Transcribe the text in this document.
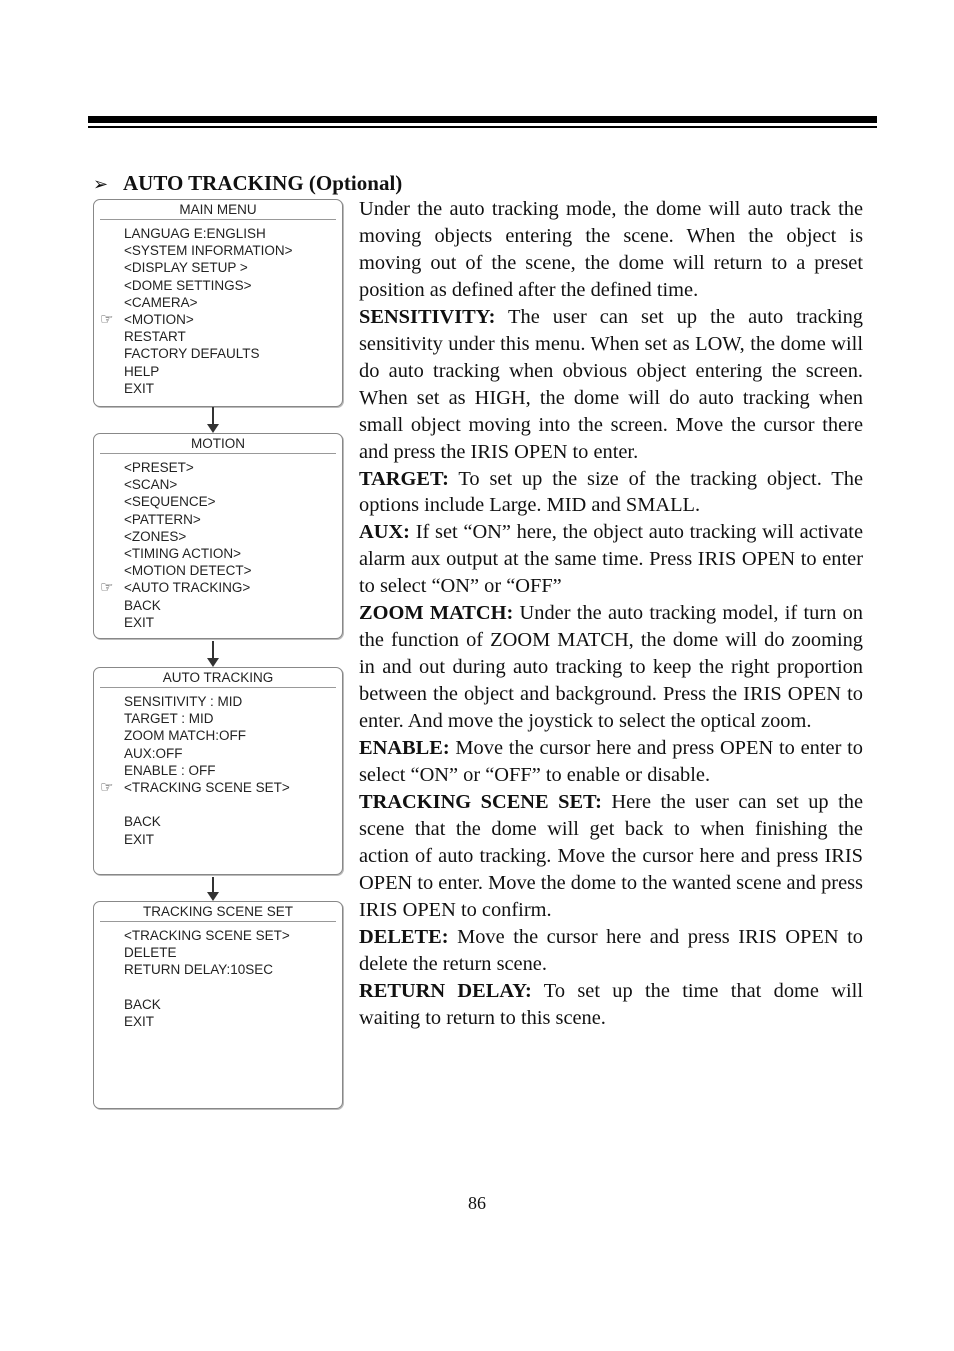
➢ AUTO TRACKING (Optional)
MAIN MENU
LANGUAG E:ENGLISH
<SYSTEM INFORMATION>
<DISPLAY SETUP >
<DOME SETTINGS>
<CAMERA>
☞ <MOTION>
RESTART
FACTORY DEFAULTS
HELP
EXIT
MOTION
<PRESET>
<SCAN>
<SEQUENCE>
<PATTERN>
<ZONES>
<TIMING ACTION>
<MOTION DETECT>
☞ <AUTO TRACKING>
BACK
EXIT
AUTO TRACKING
SENSITIVITY : MID
TARGET : MID
ZOOM MATCH:OFF
AUX:OFF
ENABLE : OFF
☞ <TRACKING SCENE SET>
BACK
EXIT
TRACKING SCENE SET
<TRACKING SCENE SET>
DELETE
RETURN DELAY:10SEC
BACK
EXIT

Under the auto tracking mode, the dome will auto track the moving objects entering the scene. When the object is moving out of the scene, the dome will return to a preset position as defined after the defined time.

SENSITIVITY: The user can set up the auto tracking sensitivity under this menu. When set as LOW, the dome will do auto tracking when obvious object entering the screen. When set as HIGH, the dome will do auto tracking when small object moving into the screen. Move the cursor there and press the IRIS OPEN to enter.

TARGET: To set up the size of the tracking object. The options include Large. MID and SMALL.

AUX: If set “ON” here, the object auto tracking will activate alarm aux output at the same time. Press IRIS OPEN to enter to select “ON” or “OFF”

ZOOM MATCH: Under the auto tracking model, if turn on the function of ZOOM MATCH, the dome will do zooming in and out during auto tracking to keep the right proportion between the object and background. Press the IRIS OPEN to enter. And move the joystick to select the optical zoom.

ENABLE: Move the cursor here and press OPEN to enter to select “ON” or “OFF” to enable or disable.

TRACKING SCENE SET: Here the user can set up the scene that the dome will get back to when finishing the action of auto tracking. Move the cursor here and press IRIS OPEN to enter. Move the dome to the wanted scene and press IRIS OPEN to confirm.

DELETE: Move the cursor here and press IRIS OPEN to delete the return scene.

RETURN DELAY: To set up the time that dome will waiting to return to this scene.

86
